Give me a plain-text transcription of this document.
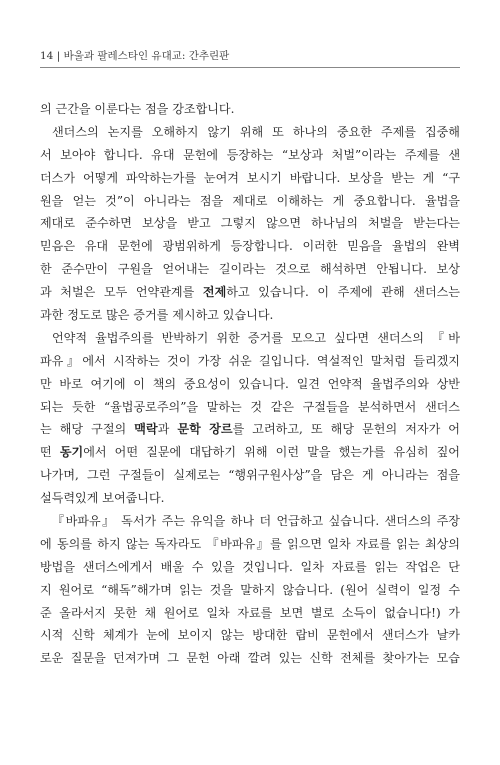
14 | 바울과 팔레스타인 유대교: 간추린판
의 근간을 이룬다는 점을 강조합니다.
샌더스의 논지를 오해하지 않기 위해 또 하나의 중요한 주제를 집중해
서 보아야 합니다. 유대 문헌에 등장하는 “보상과 처벌”이라는 주제를 샌
더스가 어떻게 파악하는가를 눈여겨 보시기 바랍니다. 보상을 받는 게 “구
원을 얻는 것”이 아니라는 점을 제대로 이해하는 게 중요합니다. 율법을
제대로 준수하면 보상을 받고 그렇지 않으면 하나님의 처벌을 받는다는
믿음은 유대 문헌에 광범위하게 등장합니다. 이러한 믿음을 율법의 완벽
한 준수만이 구원을 얻어내는 길이라는 것으로 해석하면 안됩니다. 보상
과 처벌은 모두 언약관계를 전제하고 있습니다. 이 주제에 관해 샌더스는
과한 정도로 많은 증거를 제시하고 있습니다.
언약적 율법주의를 반박하기 위한 증거를 모으고 싶다면 샌더스의 『바
파유』에서 시작하는 것이 가장 쉬운 길입니다. 역설적인 말처럼 들리겠지
만 바로 여기에 이 책의 중요성이 있습니다. 일견 언약적 율법주의와 상반
되는 듯한 “율법공로주의”을 말하는 것 같은 구절들을 분석하면서 샌더스
는 해당 구절의 맥락과 문학 장르를 고려하고, 또 해당 문헌의 저자가 어
떤 동기에서 어떤 질문에 대답하기 위해 이런 말을 했는가를 유심히 짚어
나가며, 그런 구절들이 실제로는 “행위구원사상”을 담은 게 아니라는 점을
설득력있게 보여줍니다.
『바파유』 독서가 주는 유익을 하나 더 언급하고 싶습니다. 샌더스의 주장
에 동의를 하지 않는 독자라도 『바파유』를 읽으면 일차 자료를 읽는 최상의
방법을 샌더스에게서 배울 수 있을 것입니다. 일차 자료를 읽는 작업은 단
지 원어로 “해독”해가며 읽는 것을 말하지 않습니다. (원어 실력이 일정 수
준 올라서지 못한 채 원어로 일차 자료를 보면 별로 소득이 없습니다!) 가
시적 신학 체계가 눈에 보이지 않는 방대한 랍비 문헌에서 샌더스가 날카
로운 질문을 던져가며 그 문헌 아래 깔려 있는 신학 전체를 찾아가는 모습
